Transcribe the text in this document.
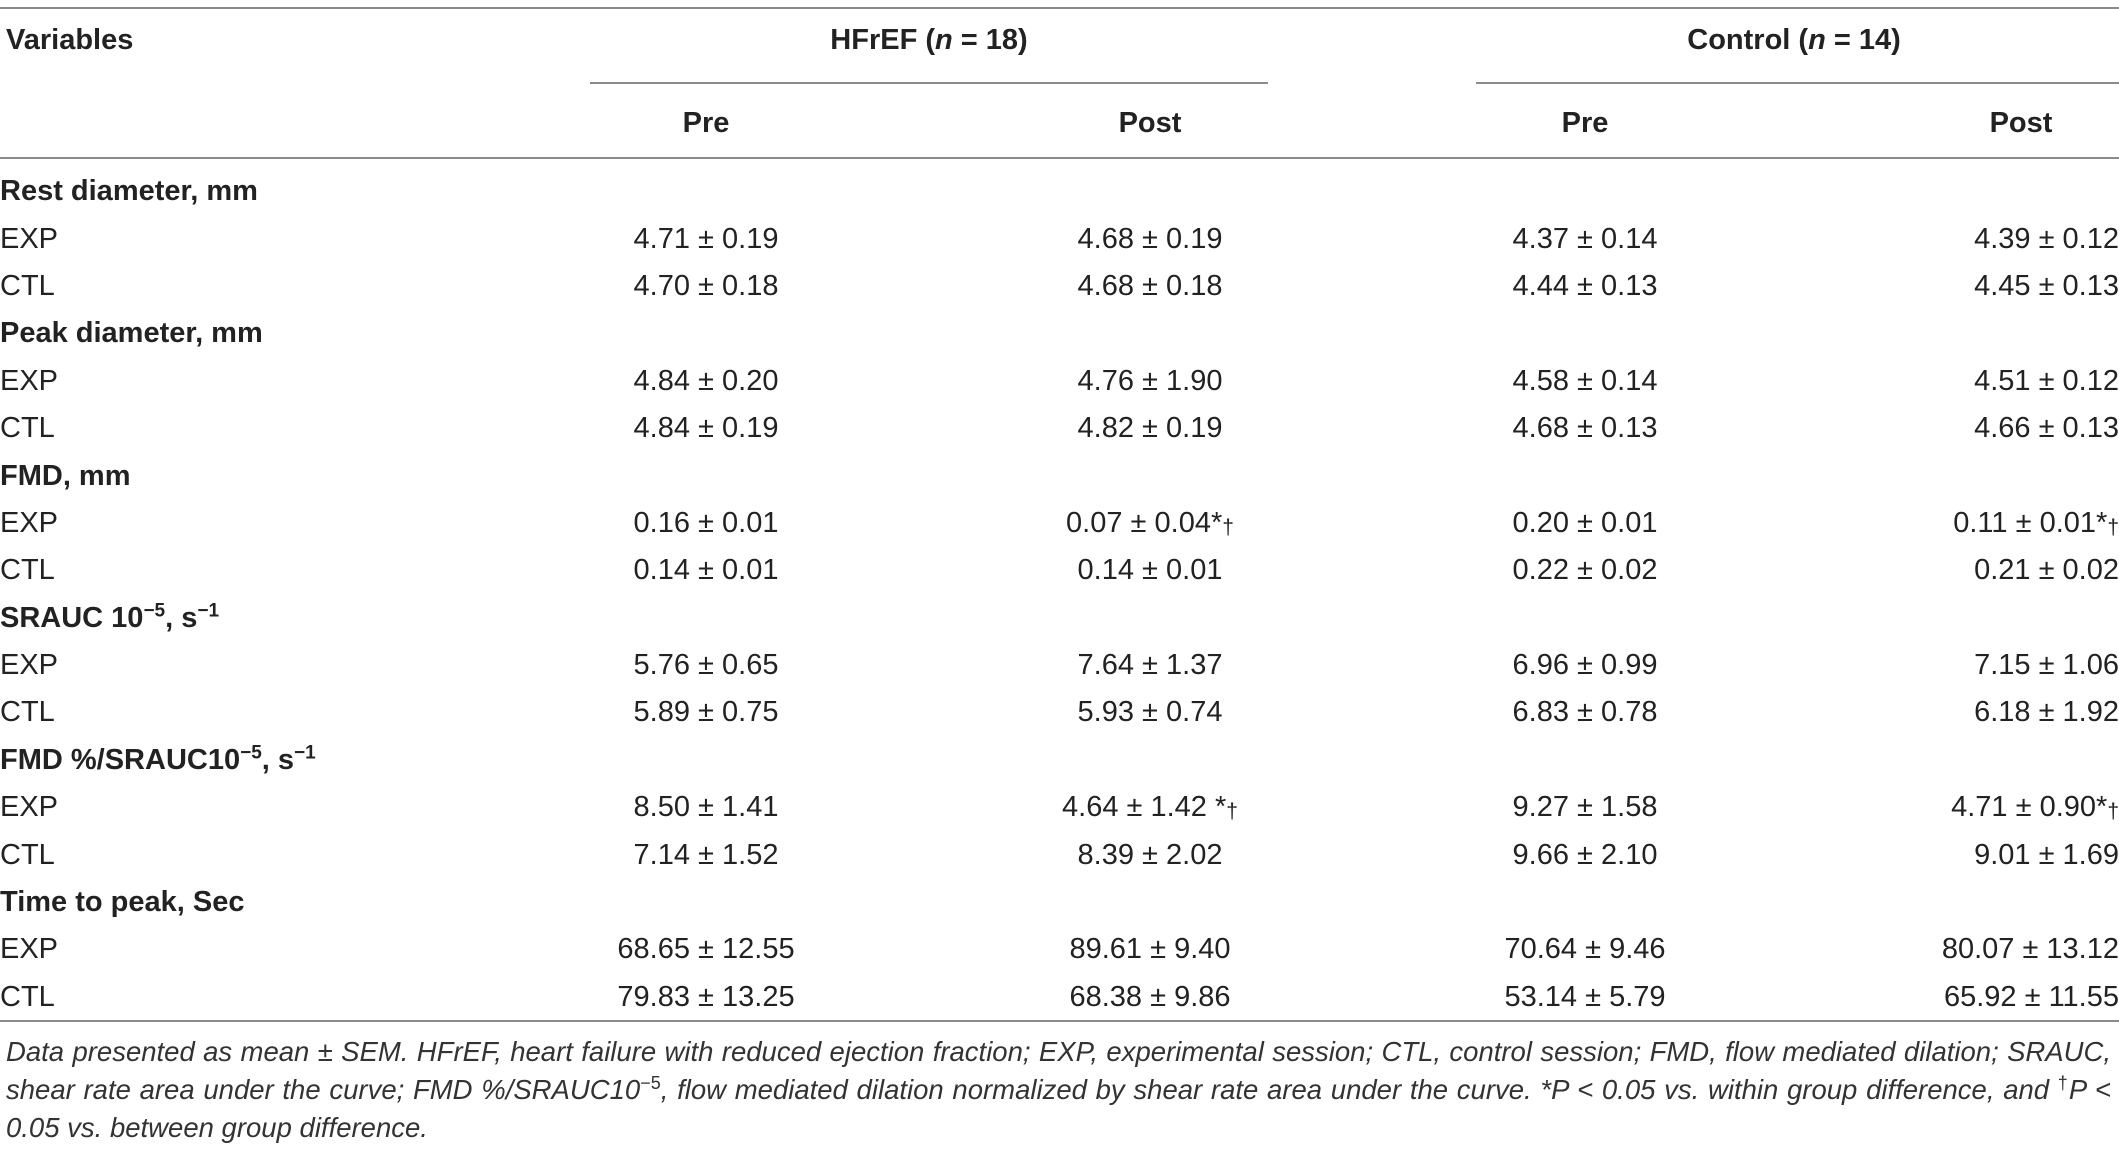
Variables	HFrEF (n = 18)	Control (n = 14)
Pre	Post	Pre	Post
Rest diameter, mm				
EXP	4.71 ± 0.19	4.68 ± 0.19	4.37 ± 0.14	4.39 ± 0.12
CTL	4.70 ± 0.18	4.68 ± 0.18	4.44 ± 0.13	4.45 ± 0.13
Peak diameter, mm				
EXP	4.84 ± 0.20	4.76 ± 1.90	4.58 ± 0.14	4.51 ± 0.12
CTL	4.84 ± 0.19	4.82 ± 0.19	4.68 ± 0.13	4.66 ± 0.13
FMD, mm				
EXP	0.16 ± 0.01	0.07 ± 0.04*†	0.20 ± 0.01	0.11 ± 0.01*†
CTL	0.14 ± 0.01	0.14 ± 0.01	0.22 ± 0.02	0.21 ± 0.02
SRAUC $10^{-5}$, $s^{-1}$
EXP	5.76 ± 0.65	7.64 ± 1.37	6.96 ± 0.99	7.15 ± 1.06
CTL	5.89 ± 0.75	5.93 ± 0.74	6.83 ± 0.78	6.18 ± 1.92
FMD $\%/SRAUC10^{-5}$, $s^{-1}$
EXP	8.50 ± 1.41	4.64 ± 1.42 *†	9.27 ± 1.58	4.71 ± 0.90*†
CTL	7.14 ± 1.52	8.39 ± 2.02	9.66 ± 2.10	9.01 ± 1.69
Time to peak, Sec				
EXP	68.65 ± 12.55	89.61 ± 9.40	70.64 ± 9.46	80.07 ± 13.12
CTL	79.83 ± 13.25	68.38 ± 9.86	53.14 ± 5.79	65.92 ± 11.55
Data presented as mean ± SEM. HFrEF, heart failure with reduced ejection fraction; EXP, experimental session; CTL, control session; FMD, flow mediated dilation; SRAUC, shear rate area under the curve; FMD $\%/SRAUC10^{-5}$, flow mediated dilation normalized by shear rate area under the curve. *P < 0.05 vs. within group difference, and †P < 0.05 vs. between group difference.
